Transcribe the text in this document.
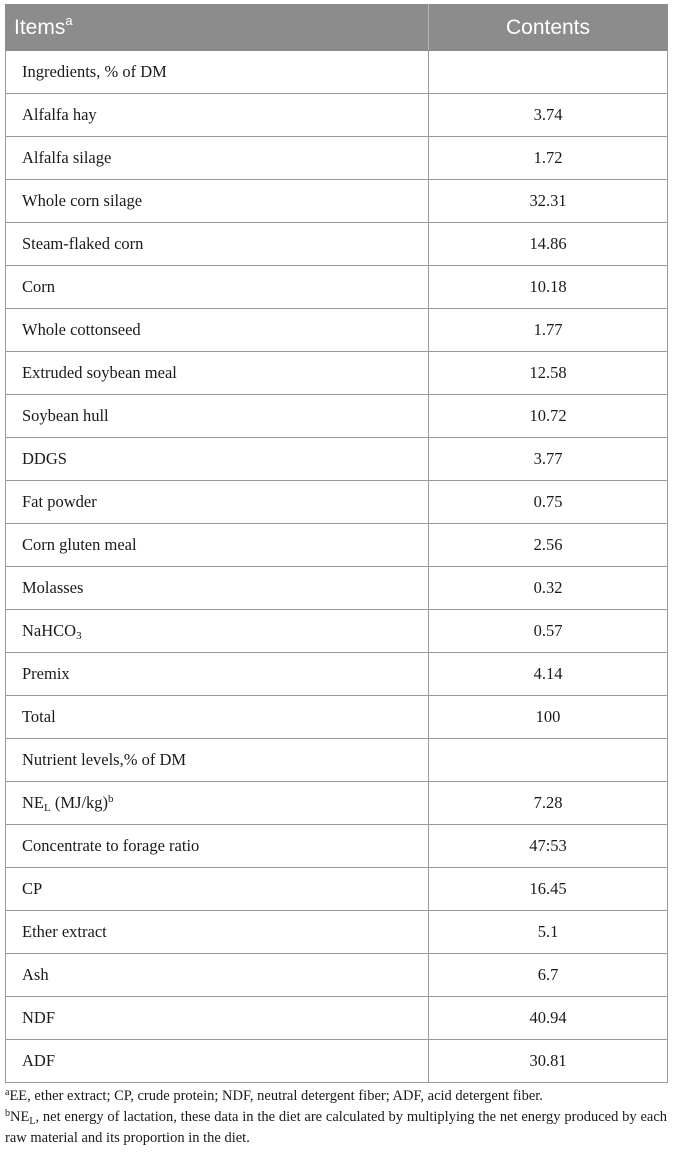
Items$^a$	Contents
Ingredients, % of DM	
Alfalfa hay	3.74
Alfalfa silage	1.72
Whole corn silage	32.31
Steam-flaked corn	14.86
Corn	10.18
Whole cottonseed	1.77
Extruded soybean meal	12.58
Soybean hull	10.72
DDGS	3.77
Fat powder	0.75
Corn gluten meal	2.56
Molasses	0.32
NaHCO$_3$	0.57
Premix	4.14
Total	100
Nutrient levels,% of DM	
$NE_L$ $(MJ/kg)^b$	7.28
Concentrate to forage ratio	47:53
CP	16.45
Ether extract	5.1
Ash	6.7
NDF	40.94
ADF	30.81

$^a$EE, ether extract; CP, crude protein; NDF, neutral detergent fiber; ADF, acid detergent fiber.

$^bNE_L$, net energy of lactation, these data in the diet are calculated by multiplying the net energy produced by each raw material and its proportion in the diet.
